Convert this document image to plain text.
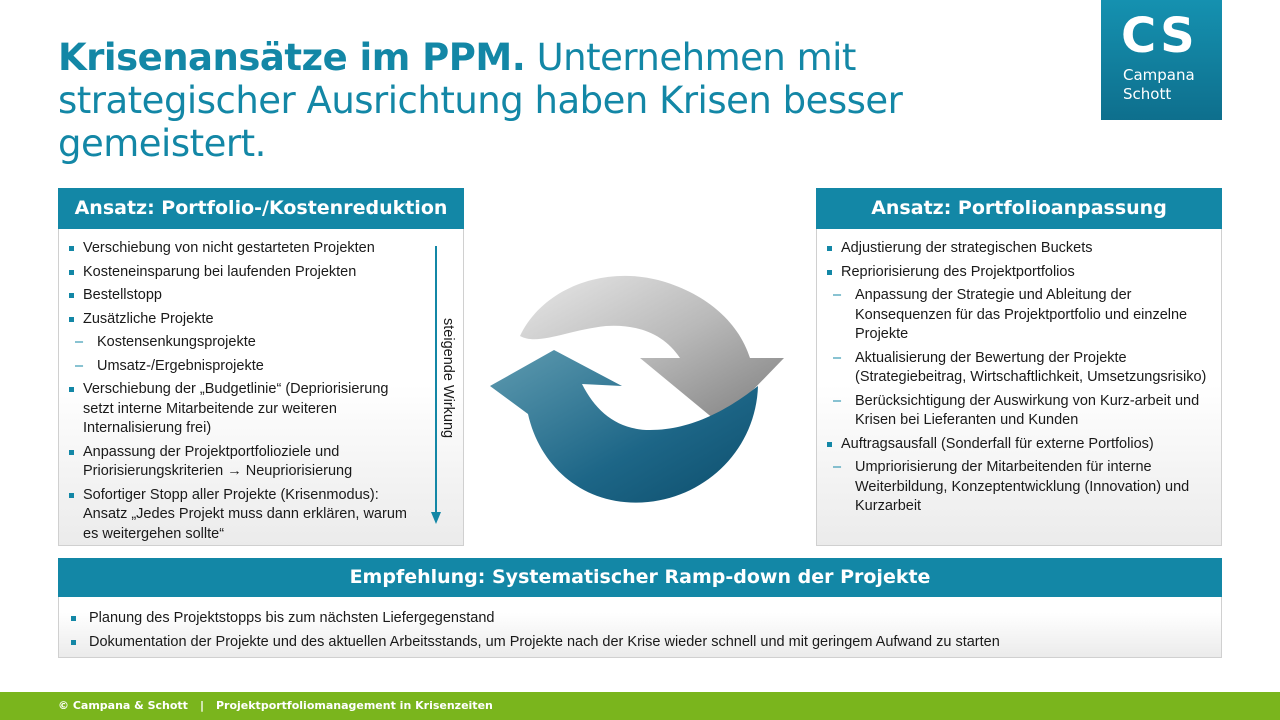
Krisenansätze im PPM. Unternehmen mit strategischer Ausrichtung haben Krisen besser gemeistert.
CS
Campana
Schott
Ansatz: Portfolio-/Kostenreduktion
Verschiebung von nicht gestarteten Projekten
Kosteneinsparung bei laufenden Projekten
Bestellstopp
Zusätzliche Projekte
– Kostensenkungsprojekte
– Umsatz-/Ergebnisprojekte
Verschiebung der „Budgetlinie“ (Depriorisierung setzt interne Mitarbeitende zur weiteren Internalisierung frei)
Anpassung der Projektportfolioziele und Priorisierungskriterien → Neupriorisierung
Sofortiger Stopp aller Projekte (Krisenmodus): Ansatz „Jedes Projekt muss dann erklären, warum es weitergehen sollte“
steigende Wirkung
Ansatz: Portfolioanpassung
Adjustierung der strategischen Buckets
Repriorisierung des Projektportfolios
– Anpassung der Strategie und Ableitung der Konsequenzen für das Projektportfolio und einzelne Projekte
– Aktualisierung der Bewertung der Projekte (Strategiebeitrag, Wirtschaftlichkeit, Umsetzungsrisiko)
– Berücksichtigung der Auswirkung von Kurz-arbeit und Krisen bei Lieferanten und Kunden
Auftragsausfall (Sonderfall für externe Portfolios)
– Umpriorisierung der Mitarbeitenden für interne Weiterbildung, Konzeptentwicklung (Innovation) und Kurzarbeit
Empfehlung: Systematischer Ramp-down der Projekte
Planung des Projektstopps bis zum nächsten Liefergegenstand
Dokumentation der Projekte und des aktuellen Arbeitsstands, um Projekte nach der Krise wieder schnell und mit geringem Aufwand zu starten
© Campana & Schott | Projektportfoliomanagement in Krisenzeiten
